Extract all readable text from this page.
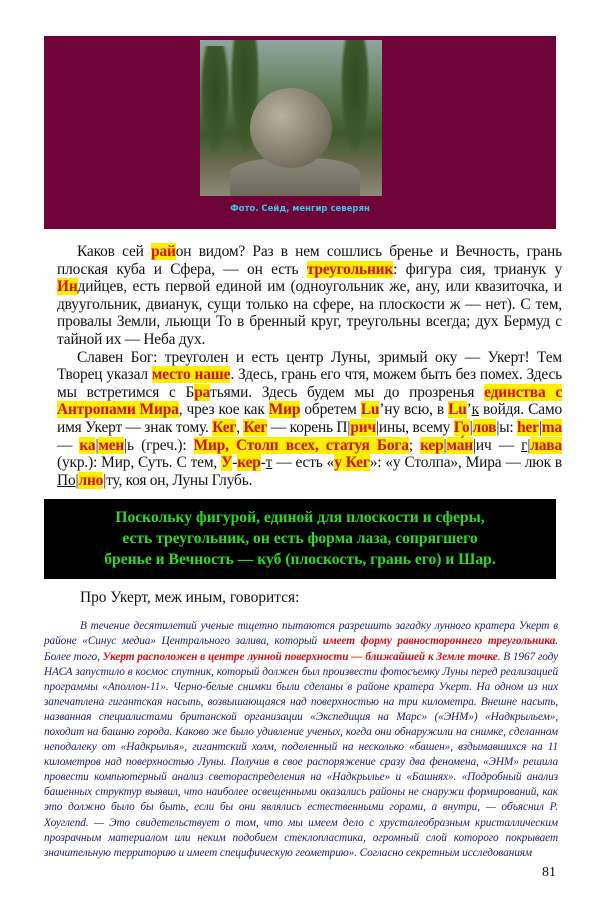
Фото. Сейд, менгир северян

Каков сей район видом? Раз в нем сошлись бренье и Вечность, грань плоская куба и Сфера, — он есть треугольник: фигура сия, трианук у Индийцев, есть первой единой им (одноугольник же, ану, или квазиточка, и двуугольник, двианук, сущи только на сфере, на плоскости ж — нет). С тем, провалы Земли, льющи То в бренный круг, треугольны всегда; дух Бермуд с тайной их — Неба дух.

Славен Бог: треуголен и есть центр Луны, зримый оку — Укерт! Тем Творец указал место наше. Здесь, грань его чтя, можем быть без помех. Здесь мы встретимся с Братьями. Здесь будем мы до прозренья единства с Антропами Мира, чрез кое как Мир обретем Lu’ну всю, в Lu’к войдя. Само имя Укерт — знак тому. Кег, Кег — корень П|рич|ины, всему Го|лов|ы: her|ma — ка|мен|ь (греч.): Мир, Столп всех, статуя Бога; кер|ма́н|ич — г|лава (укр.): Мир, Суть. С тем, У-кер-т — есть «у Кег»: «у Столпа», Мира — люк в По|лно|ту, коя он, Луны Глубь.

Поскольку фигурой, единой для плоскости и сферы,
есть треугольник, он есть форма лаза, сопрягшего
бренье и Вечность — куб (плоскость, грань его) и Шар.
Про Укерт, меж иным, говорится:

В течение десятилетий ученые тщетно пытаются разрешить загадку лунного кратера Укерт в районе «Синус медиа» Центрального залива, который имеет форму равностороннего треугольника. Более того, Укерт расположен в центре лунной поверхности — ближайшей к Земле точке. В 1967 году НАСА запустило в космос спутник, который должен был произвести фотосъемку Луны перед реализацией программы «Аполлон-11». Черно-белые снимки были сделаны в районе кратера Укерт. На одном из них запечатлена гигантская насыпь, возвышающаяся над поверхностью на три километра. Внешне насыпь, названная специалистами британской организации «Экспедиция на Марс» («ЭНМ») «Надкрыльем», походит на башню города. Каково же было удивление ученых, когда они обнаружили на снимке, сделанном неподалеку от «Надкрылья», гигантский холм, поделенный на несколько «башен», вздымавшихся на 11 километров над поверхностью Луны. Получив в свое распоряжение сразу два феномена, «ЭНМ» решила провести компьютерный анализ светораспределения на «Надкрылье» и «Башнях». «Подробный анализ башенных структур выявил, что наиболее освещенными оказались районы не снаружи формирований, как это должно было бы быть, если бы они являлись естественными горами, а внутри, — объяснил Р. Хоуглend. — Это свидетельствует о том, что мы имеем дело с хрусталеобразным кристаллическим прозрачным материалом или неким подобием стеклопластика, огромный слой которого покрывает значительную территорию и имеет специфическую геометрию». Согласно секретным исследованиям

81
